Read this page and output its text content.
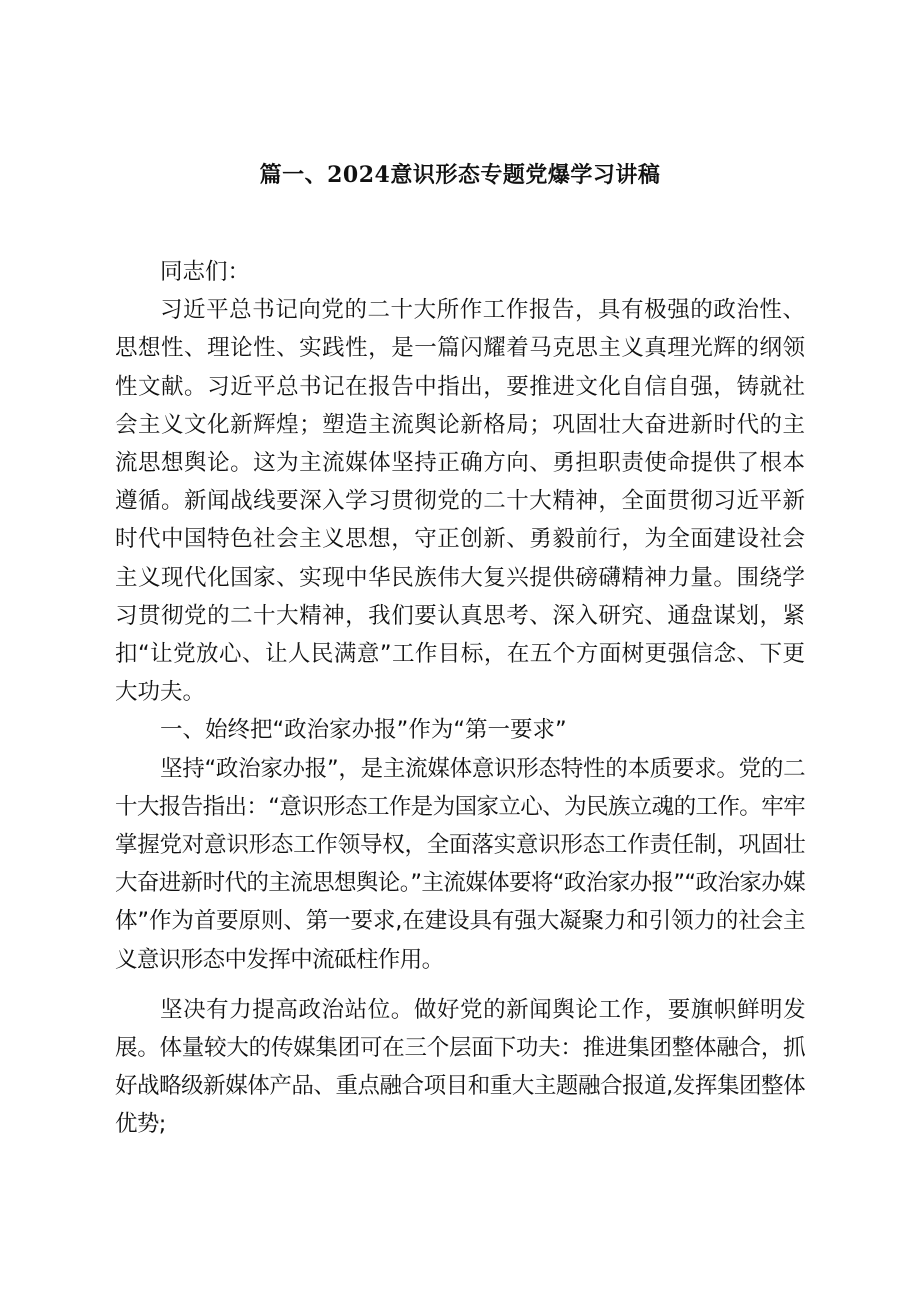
篇一、2024意识形态专题党爆学习讲稿

同志们：

习近平总书记向党的二十大所作工作报告，具有极强的政治性、思想性、理论性、实践性，是一篇闪耀着马克思主义真理光辉的纲领性文献。习近平总书记在报告中指出，要推进文化自信自强，铸就社会主义文化新辉煌；塑造主流舆论新格局；巩固壮大奋进新时代的主流思想舆论。这为主流媒体坚持正确方向、勇担职责使命提供了根本遵循。新闻战线要深入学习贯彻党的二十大精神，全面贯彻习近平新时代中国特色社会主义思想，守正创新、勇毅前行，为全面建设社会主义现代化国家、实现中华民族伟大复兴提供磅礴精神力量。围绕学习贯彻党的二十大精神，我们要认真思考、深入研究、通盘谋划，紧扣“让党放心、让人民满意”工作目标，在五个方面树更强信念、下更大功夫。

一、始终把“政治家办报”作为“第一要求”

坚持“政治家办报”，是主流媒体意识形态特性的本质要求。党的二十大报告指出：“意识形态工作是为国家立心、为民族立魂的工作。牢牢掌握党对意识形态工作领导权，全面落实意识形态工作责任制，巩固壮大奋进新时代的主流思想舆论。”主流媒体要将“政治家办报”“政治家办媒体”作为首要原则、第一要求,在建设具有强大凝聚力和引领力的社会主义意识形态中发挥中流砥柱作用。

坚决有力提高政治站位。做好党的新闻舆论工作，要旗帜鲜明发展。体量较大的传媒集团可在三个层面下功夫：推进集团整体融合，抓好战略级新媒体产品、重点融合项目和重大主题融合报道,发挥集团整体优势;
